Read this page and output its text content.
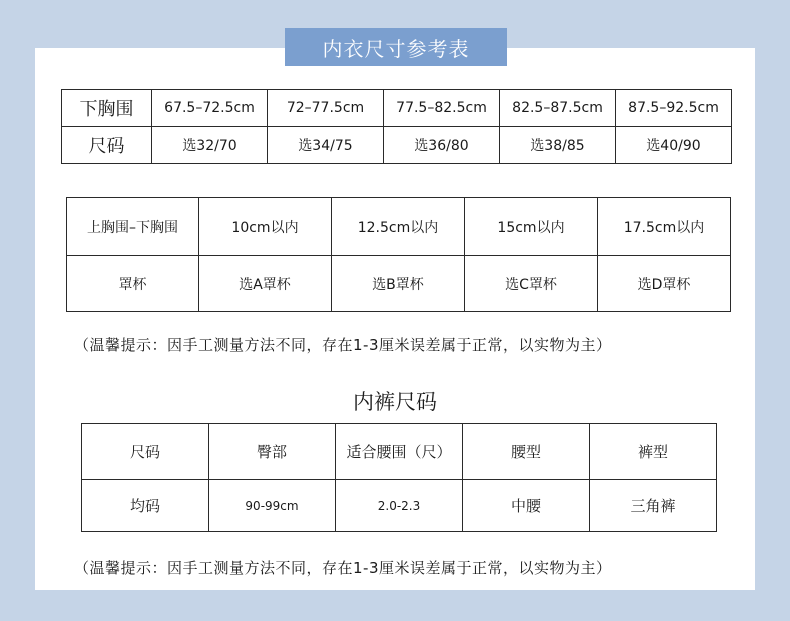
内衣尺寸参考表
下胸围	67.5–72.5cm	72–77.5cm	77.5–82.5cm	82.5–87.5cm	87.5–92.5cm
尺码	选32/70	选34/75	选36/80	选38/85	选40/90
上胸围–下胸围	10cm以内	12.5cm以内	15cm以内	17.5cm以内
罩杯	选A罩杯	选B罩杯	选C罩杯	选D罩杯
（温馨提示：因手工测量方法不同，存在1-3厘米误差属于正常，以实物为主）
内裤尺码
尺码	臀部	适合腰围（尺）	腰型	裤型
均码	90-99cm	2.0-2.3	中腰	三角裤
（温馨提示：因手工测量方法不同，存在1-3厘米误差属于正常，以实物为主）
